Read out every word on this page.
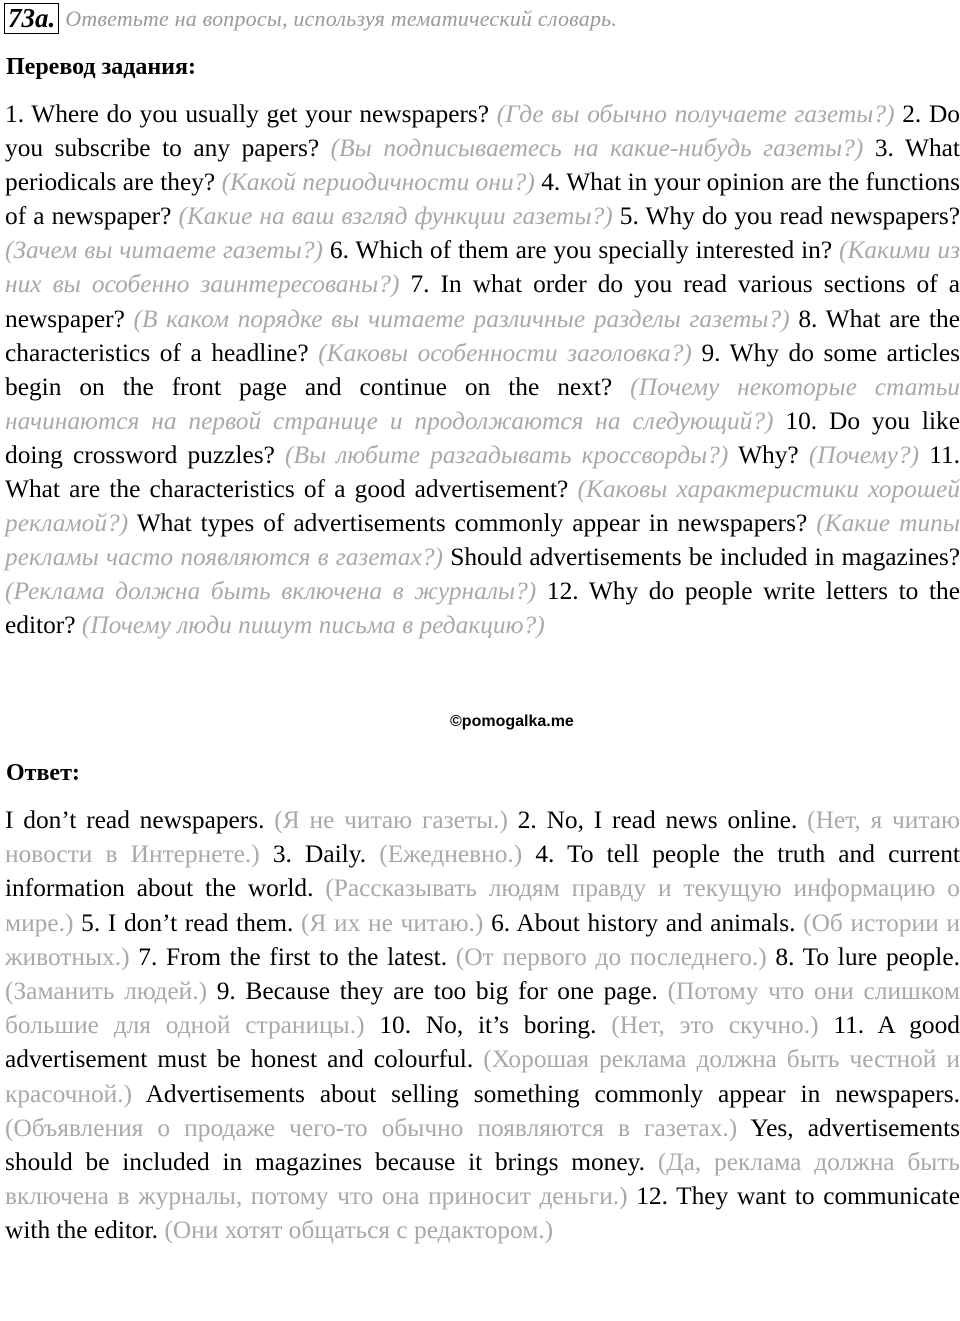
73a. Ответьте на вопросы, используя тематический словарь.
Перевод задания:
1. Where do you usually get your newspapers? (Где вы обычно получаете газеты?) 2. Do you subscribe to any papers? (Вы подписываетесь на какие-нибудь газеты?) 3. What periodicals are they? (Какой периодичности они?) 4. What in your opinion are the functions of a newspaper? (Какие на ваш взгляд функции газеты?) 5. Why do you read newspapers? (Зачем вы читаете газеты?) 6. Which of them are you specially interested in? (Какими из них вы особенно заинтересованы?) 7. In what order do you read various sections of a newspaper? (В каком порядке вы читаете различные разделы газеты?) 8. What are the characteristics of a headline? (Каковы особенности заголовка?) 9. Why do some articles begin on the front page and continue on the next? (Почему некоторые статьи начинаются на первой странице и продолжаются на следующий?) 10. Do you like doing crossword puzzles? (Вы любите разгадывать кроссворды?) Why? (Почему?) 11. What are the characteristics of a good advertisement? (Каковы характеристики хорошей рекламой?) What types of advertisements commonly appear in newspapers? (Какие типы рекламы часто появляются в газетах?) Should advertisements be included in magazines? (Реклама должна быть включена в журналы?) 12. Why do people write letters to the editor? (Почему люди пишут письма в редакцию?)
©pomogalka.me
Ответ:
I don’t read newspapers. (Я не читаю газеты.) 2. No, I read news online. (Нет, я читаю новости в Интернете.) 3. Daily. (Ежедневно.) 4. To tell people the truth and current information about the world. (Рассказывать людям правду и текущую информацию о мире.) 5. I don’t read them. (Я их не читаю.) 6. About history and animals. (Об истории и животных.) 7. From the first to the latest. (От первого до последнего.) 8. To lure people. (Заманить людей.) 9. Because they are too big for one page. (Потому что они слишком большие для одной страницы.) 10. No, it’s boring. (Нет, это скучно.) 11. A good advertisement must be honest and colourful. (Хорошая реклама должна быть честной и красочной.) Advertisements about selling something commonly appear in newspapers. (Объявления о продаже чего-то обычно появляются в газетах.) Yes, advertisements should be included in magazines because it brings money. (Да, реклама должна быть включена в журналы, потому что она приносит деньги.) 12. They want to communicate with the editor. (Они хотят общаться с редактором.)
